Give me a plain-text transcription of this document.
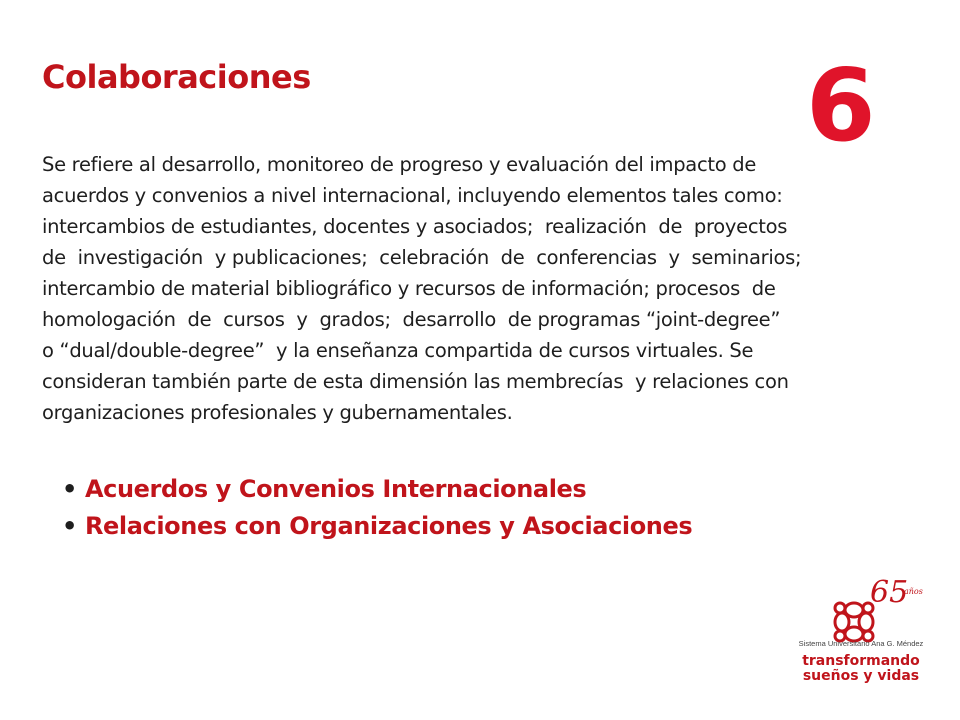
Colaboraciones	6
Se refiere al desarrollo, monitoreo de progreso y evaluación del impacto de
acuerdos y convenios a nivel internacional, incluyendo elementos tales como:
intercambios de estudiantes, docentes y asociados;  realización  de  proyectos
de  investigación  y publicaciones;  celebración  de  conferencias  y  seminarios;
intercambio de material bibliográfico y recursos de información; procesos  de
homologación  de  cursos  y  grados;  desarrollo  de programas “joint-degree”
o “dual/double-degree”  y la enseñanza compartida de cursos virtuales. Se
consideran también parte de esta dimensión las membrecías  y relaciones con
organizaciones profesionales y gubernamentales.
• Acuerdos y Convenios Internacionales
• Relaciones con Organizaciones y Asociaciones
65
años
Sistema Universitario Ana G. Méndez
transformando
sueños y vidas
